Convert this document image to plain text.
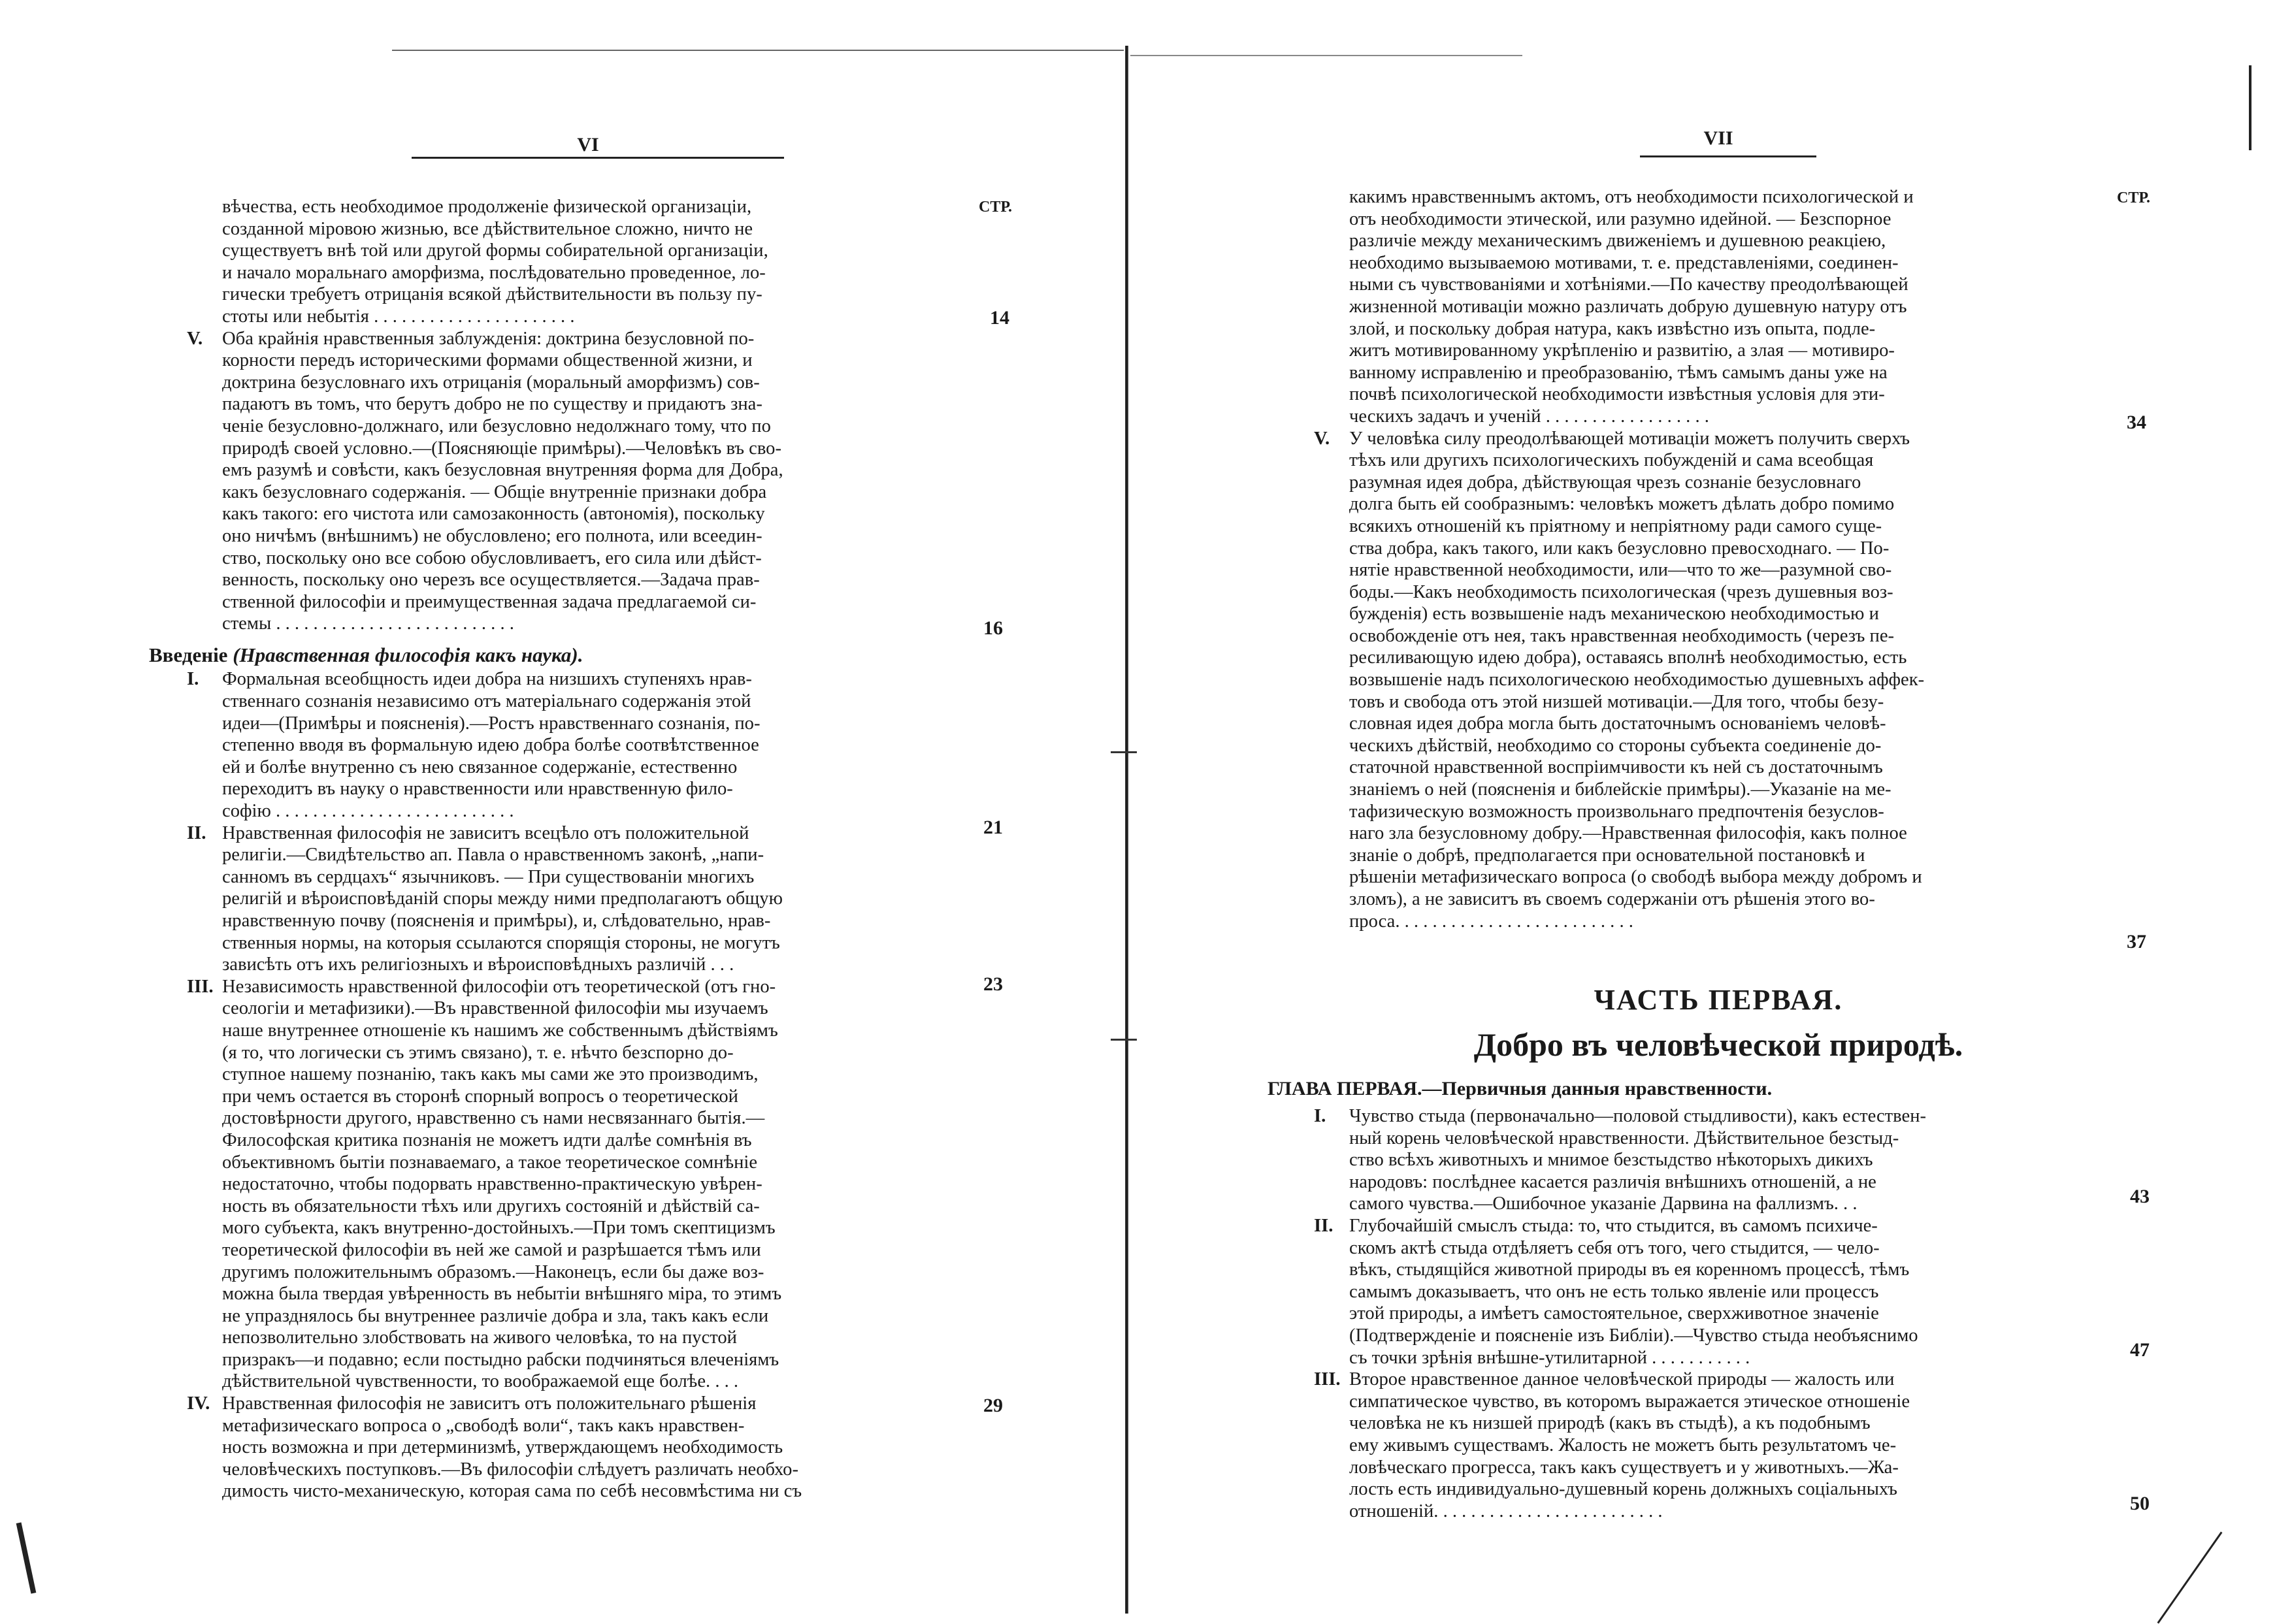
VI
СТР.
вѣчества, есть необходимое продолженіе физической организаціи,
созданной міровою жизнью, все дѣйствительное сложно, ничто не
существуетъ внѣ той или другой формы собирательной организаціи,
и начало моральнаго аморфизма, послѣдовательно проведенное, ло-
гически требуетъ отрицанія всякой дѣйствительности въ пользу пу-
стоты или небытія . . . . . . . . . . . . . . . . . . . . . .
V. Оба крайнія нравственныя заблужденія: доктрина безусловной по-
корности передъ историческими формами общественной жизни, и
доктрина безусловнаго ихъ отрицанія (моральный аморфизмъ) сов-
падаютъ въ томъ, что берутъ добро не по существу и придаютъ зна-
ченіе безусловно-должнаго, или безусловно недолжнаго тому, что по
природѣ своей условно.—(Поясняющіе примѣры).—Человѣкъ въ сво-
емъ разумѣ и совѣсти, какъ безусловная внутренняя форма для Добра,
какъ безусловнаго содержанія. — Общіе внутренніе признаки добра
какъ такого: его чистота или самозаконность (автономія), поскольку
оно ничѣмъ (внѣшнимъ) не обусловлено; его полнота, или всеедин-
ство, поскольку оно все собою обусловливаетъ, его сила или дѣйст-
венность, поскольку оно черезъ все осуществляется.—Задача прав-
ственной философіи и преимущественная задача предлагаемой си-
стемы . . . . . . . . . . . . . . . . . . . . . . . . . .
Введеніе (Нравственная философія какъ наука).
I. Формальная всеобщность идеи добра на низшихъ ступеняхъ нрав-
ственнаго сознанія независимо отъ матеріальнаго содержанія этой
идеи—(Примѣры и поясненія).—Ростъ нравственнаго сознанія, по-
степенно вводя въ формальную идею добра болѣе соотвѣтственное
ей и болѣе внутренно съ нею связанное содержаніе, естественно
переходитъ въ науку о нравственности или нравственную фило-
софію . . . . . . . . . . . . . . . . . . . . . . . . . .
II. Нравственная философія не зависитъ всецѣло отъ положительной
религіи.—Свидѣтельство ап. Павла о нравственномъ законѣ, „напи-
санномъ въ сердцахъ“ язычниковъ. — При существованіи многихъ
религій и вѣроисповѣданій споры между ними предполагаютъ общую
нравственную почву (поясненія и примѣры), и, слѣдовательно, нрав-
ственныя нормы, на которыя ссылаются спорящія стороны, не могутъ
зависѣть отъ ихъ религіозныхъ и вѣроисповѣдныхъ различій . . .
III. Независимость нравственной философіи отъ теоретической (отъ гно-
сеологіи и метафизики).—Въ нравственной философіи мы изучаемъ
наше внутреннее отношеніе къ нашимъ же собственнымъ дѣйствіямъ
(я то, что логически съ этимъ связано), т. е. нѣчто безспорно до-
ступное нашему познанію, такъ какъ мы сами же это производимъ,
при чемъ остается въ сторонѣ спорный вопросъ о теоретической
достовѣрности другого, нравственно съ нами несвязаннаго бытія.—
Философская критика познанія не можетъ идти далѣе сомнѣнія въ
объективномъ бытіи познаваемаго, а такое теоретическое сомнѣніе
недостаточно, чтобы подорвать нравственно-практическую увѣрен-
ность въ обязательности тѣхъ или другихъ состояній и дѣйствій са-
мого субъекта, какъ внутренно-достойныхъ.—При томъ скептицизмъ
теоретической философіи въ ней же самой и разрѣшается тѣмъ или
другимъ положительнымъ образомъ.—Наконецъ, если бы даже воз-
можна была твердая увѣренность въ небытіи внѣшняго міра, то этимъ
не упразднялось бы внутреннее различіе добра и зла, такъ какъ если
непозволительно злобствовать на живого человѣка, то на пустой
призракъ—и подавно; если постыдно рабски подчиняться влеченіямъ
дѣйствительной чувственности, то воображаемой еще болѣе. . . .
IV. Нравственная философія не зависитъ отъ положительнаго рѣшенія
метафизическаго вопроса о „свободѣ воли“, такъ какъ нравствен-
ность возможна и при детерминизмѣ, утверждающемъ необходимость
человѣческихъ поступковъ.—Въ философіи слѣдуетъ различать необхо-
димость чисто-механическую, которая сама по себѣ несовмѣстима ни съ
14
16
21
23
29
VII
СТР.
какимъ нравственнымъ актомъ, отъ необходимости психологической и
отъ необходимости этической, или разумно идейной. — Безспорное
различіе между механическимъ движеніемъ и душевною реакціею,
необходимо вызываемою мотивами, т. е. представленіями, соединен-
ными съ чувствованіями и хотѣніями.—По качеству преодолѣвающей
жизненной мотиваціи можно различать добрую душевную натуру отъ
злой, и поскольку добрая натура, какъ извѣстно изъ опыта, подле-
житъ мотивированному укрѣпленію и развитію, а злая — мотивиро-
ванному исправленію и преобразованію, тѣмъ самымъ даны уже на
почвѣ психологической необходимости извѣстныя условія для эти-
ческихъ задачъ и ученій . . . . . . . . . . . . . . . . . .
V. У человѣка силу преодолѣвающей мотиваціи можетъ получить сверхъ
тѣхъ или другихъ психологическихъ побужденій и сама всеобщая
разумная идея добра, дѣйствующая чрезъ сознаніе безусловнаго
долга быть ей сообразнымъ: человѣкъ можетъ дѣлать добро помимо
всякихъ отношеній къ пріятному и непріятному ради самого суще-
ства добра, какъ такого, или какъ безусловно превосходнаго. — По-
нятіе нравственной необходимости, или—что то же—разумной сво-
боды.—Какъ необходимость психологическая (чрезъ душевныя воз-
бужденія) есть возвышеніе надъ механическою необходимостью и
освобожденіе отъ нея, такъ нравственная необходимость (черезъ пе-
ресиливающую идею добра), оставаясь вполнѣ необходимостью, есть
возвышеніе надъ психологическою необходимостью душевныхъ аффек-
товъ и свобода отъ этой низшей мотиваціи.—Для того, чтобы безу-
словная идея добра могла быть достаточнымъ основаніемъ человѣ-
ческихъ дѣйствій, необходимо со стороны субъекта соединеніе до-
статочной нравственной воспріимчивости къ ней съ достаточнымъ
знаніемъ о ней (поясненія и библейскіе примѣры).—Указаніе на ме-
тафизическую возможность произвольнаго предпочтенія безуслов-
наго зла безусловному добру.—Нравственная философія, какъ полное
знаніе о добрѣ, предполагается при основательной постановкѣ и
рѣшеніи метафизическаго вопроса (о свободѣ выбора между добромъ и
зломъ), а не зависитъ въ своемъ содержаніи отъ рѣшенія этого во-
проса. . . . . . . . . . . . . . . . . . . . . . . . . .
34
37
ЧАСТЬ ПЕРВАЯ.
Добро въ человѣческой природѣ.
ГЛАВА ПЕРВАЯ.—Первичныя данныя нравственности.
I. Чувство стыда (первоначально—половой стыдливости), какъ естествен-
ный корень человѣческой нравственности. Дѣйствительное безстыд-
ство всѣхъ животныхъ и мнимое безстыдство нѣкоторыхъ дикихъ
народовъ: послѣднее касается различія внѣшнихъ отношеній, а не
самого чувства.—Ошибочное указаніе Дарвина на фаллизмъ. . .
II. Глубочайшій смыслъ стыда: то, что стыдится, въ самомъ психиче-
скомъ актѣ стыда отдѣляетъ себя отъ того, чего стыдится, — чело-
вѣкъ, стыдящійся животной природы въ ея коренномъ процессѣ, тѣмъ
самымъ доказываетъ, что онъ не есть только явленіе или процессъ
этой природы, а имѣетъ самостоятельное, сверхживотное значеніе
(Подтвержденіе и поясненіе изъ Библіи).—Чувство стыда необъяснимо
съ точки зрѣнія внѣшне-утилитарной . . . . . . . . . . .
III. Второе нравственное данное человѣческой природы — жалость или
симпатическое чувство, въ которомъ выражается этическое отношеніе
человѣка не къ низшей природѣ (какъ въ стыдѣ), а къ подобнымъ
ему живымъ существамъ. Жалость не можетъ быть результатомъ че-
ловѣческаго прогресса, такъ какъ существуетъ и у животныхъ.—Жа-
лость есть индивидуально-душевный корень должныхъ соціальныхъ
отношеній. . . . . . . . . . . . . . . . . . . . . . . . .
43
47
50
